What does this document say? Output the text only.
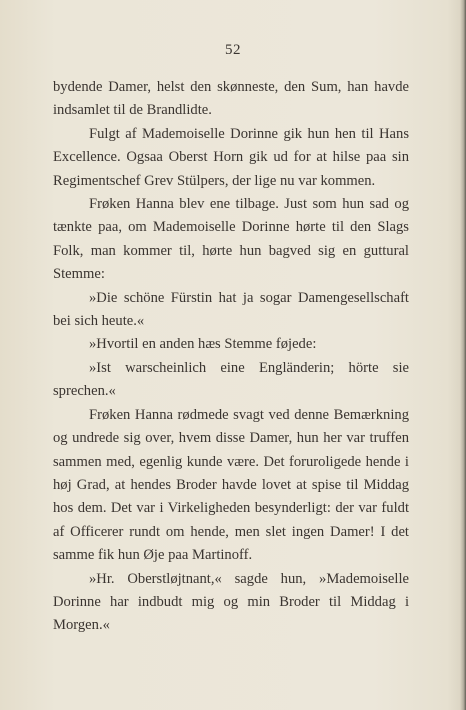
52

bydende Damer, helst den skønneste, den Sum, han havde indsamlet til de Brandlidte.

Fulgt af Mademoiselle Dorinne gik hun hen til Hans Excellence. Ogsaa Oberst Horn gik ud for at hilse paa sin Regimentschef Grev Stülpers, der lige nu var kommen.

Frøken Hanna blev ene tilbage. Just som hun sad og tænkte paa, om Mademoiselle Dorinne hørte til den Slags Folk, man kommer til, hørte hun bagved sig en guttural Stemme:

»Die schöne Fürstin hat ja sogar Damengesellschaft bei sich heute.«

»Hvortil en anden hæs Stemme føjede:

»Ist warscheinlich eine Engländerin; hörte sie sprechen.«

Frøken Hanna rødmede svagt ved denne Bemærkning og undrede sig over, hvem disse Damer, hun her var truffen sammen med, egenlig kunde være. Det foruroligede hende i høj Grad, at hendes Broder havde lovet at spise til Middag hos dem. Det var i Virkeligheden besynderligt: der var fuldt af Officerer rundt om hende, men slet ingen Damer! I det samme fik hun Øje paa Martinoff.

»Hr. Oberstløjtnant,« sagde hun, »Mademoiselle Dorinne har indbudt mig og min Broder til Middag i Morgen.«
